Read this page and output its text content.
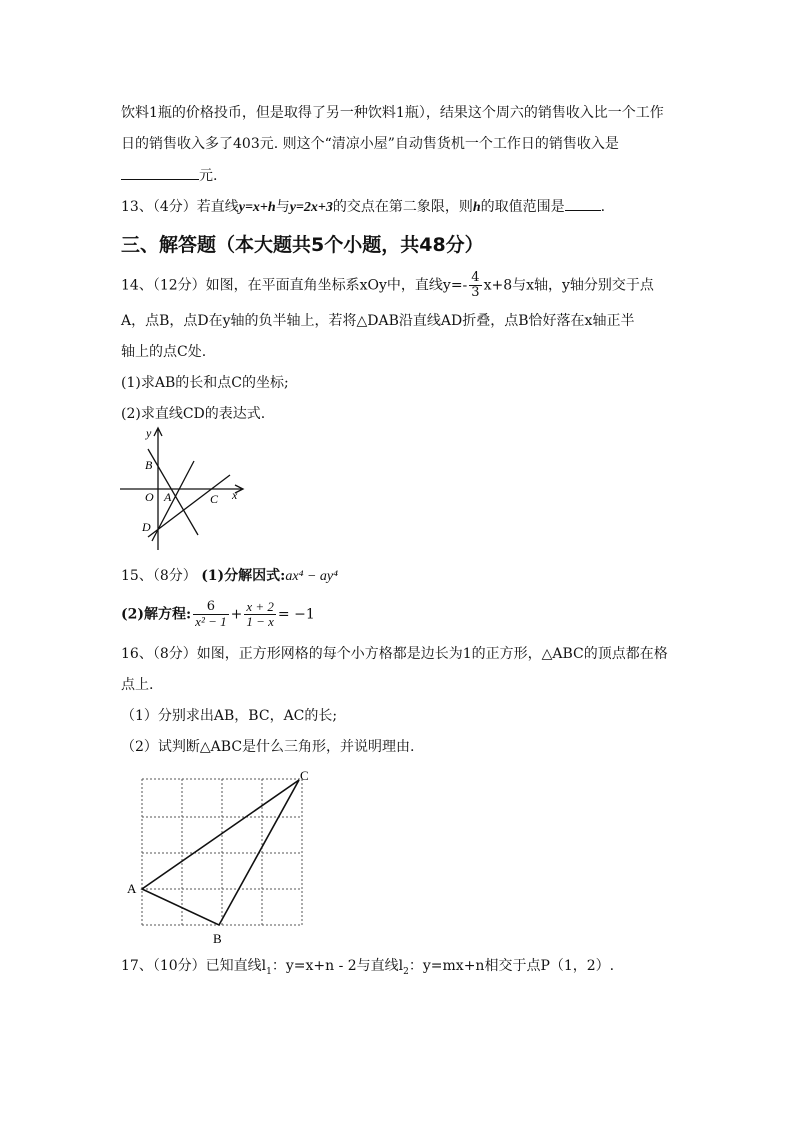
饮料1瓶的价格投币，但是取得了另一种饮料1瓶），结果这个周六的销售收入比一个工作
日的销售收入多了403元. 则这个“清凉小屋”自动售货机一个工作日的销售收入是
元.
13、（4分）若直线y=x+h与y=2x+3的交点在第二象限，则h的取值范围是	.
三、解答题（本大题共5个小题，共48分）
14、（12分）如图，在平面直角坐标系xOy中，直线$y=- \frac{4}{3} x+8$与x轴，y轴分别交于点
A，点B，点D在y轴的负半轴上，若将△DAB沿直线AD折叠，点B恰好落在x轴正半
轴上的点C处.
(1)求AB的长和点C的坐标;
(2)求直线CD的表达式.
y
B
O A	C x
D
15、（8分） (1)分解因式:ax⁴ − ay⁴
(2)解方程: $\frac{6}{\text{x² − 1}} + \frac{x + 2}{1 - x} = -1$
16、（8分）如图，正方形网格的每个小方格都是边长为1的正方形，△ABC的顶点都在格
点上.
（1）分别求出AB，BC，AC的长;
（2）试判断△ABC是什么三角形，并说明理由.
A
B
C
17、（10分）已知直线$l_1$：y=x+n - 2与直线$l_2$：y=mx+n相交于点P（1，2）.
